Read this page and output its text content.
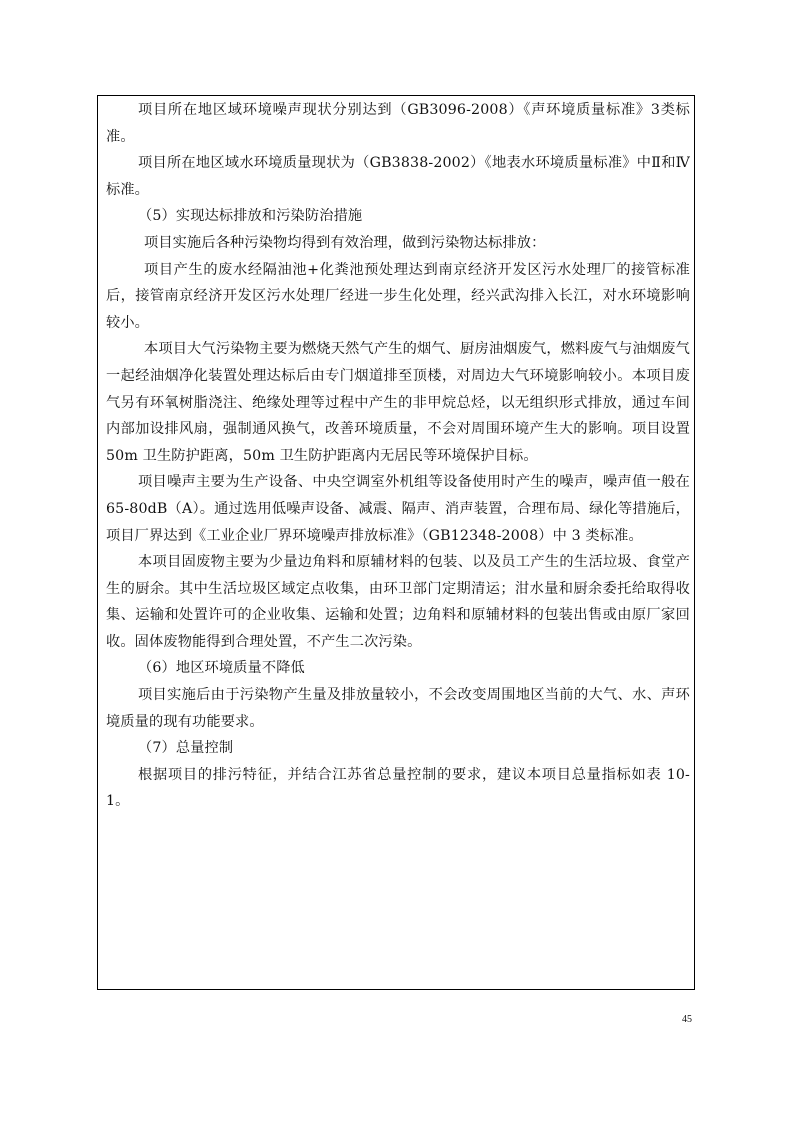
项目所在地区域环境噪声现状分别达到（GB3096-2008）《声环境质量标准》3类标准。

项目所在地区域水环境质量现状为（GB3838-2002）《地表水环境质量标准》中Ⅱ和Ⅳ标准。

（5）实现达标排放和污染防治措施

项目实施后各种污染物均得到有效治理，做到污染物达标排放：

项目产生的废水经隔油池+化粪池预处理达到南京经济开发区污水处理厂的接管标准后，接管南京经济开发区污水处理厂经进一步生化处理，经兴武沟排入长江，对水环境影响较小。

本项目大气污染物主要为燃烧天然气产生的烟气、厨房油烟废气，燃料废气与油烟废气一起经油烟净化装置处理达标后由专门烟道排至顶楼，对周边大气环境影响较小。本项目废气另有环氧树脂浇注、绝缘处理等过程中产生的非甲烷总烃，以无组织形式排放，通过车间内部加设排风扇，强制通风换气，改善环境质量，不会对周围环境产生大的影响。项目设置 50m 卫生防护距离，50m 卫生防护距离内无居民等环境保护目标。

项目噪声主要为生产设备、中央空调室外机组等设备使用时产生的噪声，噪声值一般在 65-80dB（A）。通过选用低噪声设备、减震、隔声、消声装置，合理布局、绿化等措施后，项目厂界达到《工业企业厂界环境噪声排放标准》（GB12348-2008）中 3 类标准。

本项目固废物主要为少量边角料和原辅材料的包装、以及员工产生的生活垃圾、食堂产生的厨余。其中生活垃圾区域定点收集，由环卫部门定期清运；泔水量和厨余委托给取得收集、运输和处置许可的企业收集、运输和处置；边角料和原辅材料的包装出售或由原厂家回收。固体废物能得到合理处置，不产生二次污染。

（6）地区环境质量不降低

项目实施后由于污染物产生量及排放量较小，不会改变周围地区当前的大气、水、声环境质量的现有功能要求。

（7）总量控制

根据项目的排污特征，并结合江苏省总量控制的要求，建议本项目总量指标如表 10-1。

45
